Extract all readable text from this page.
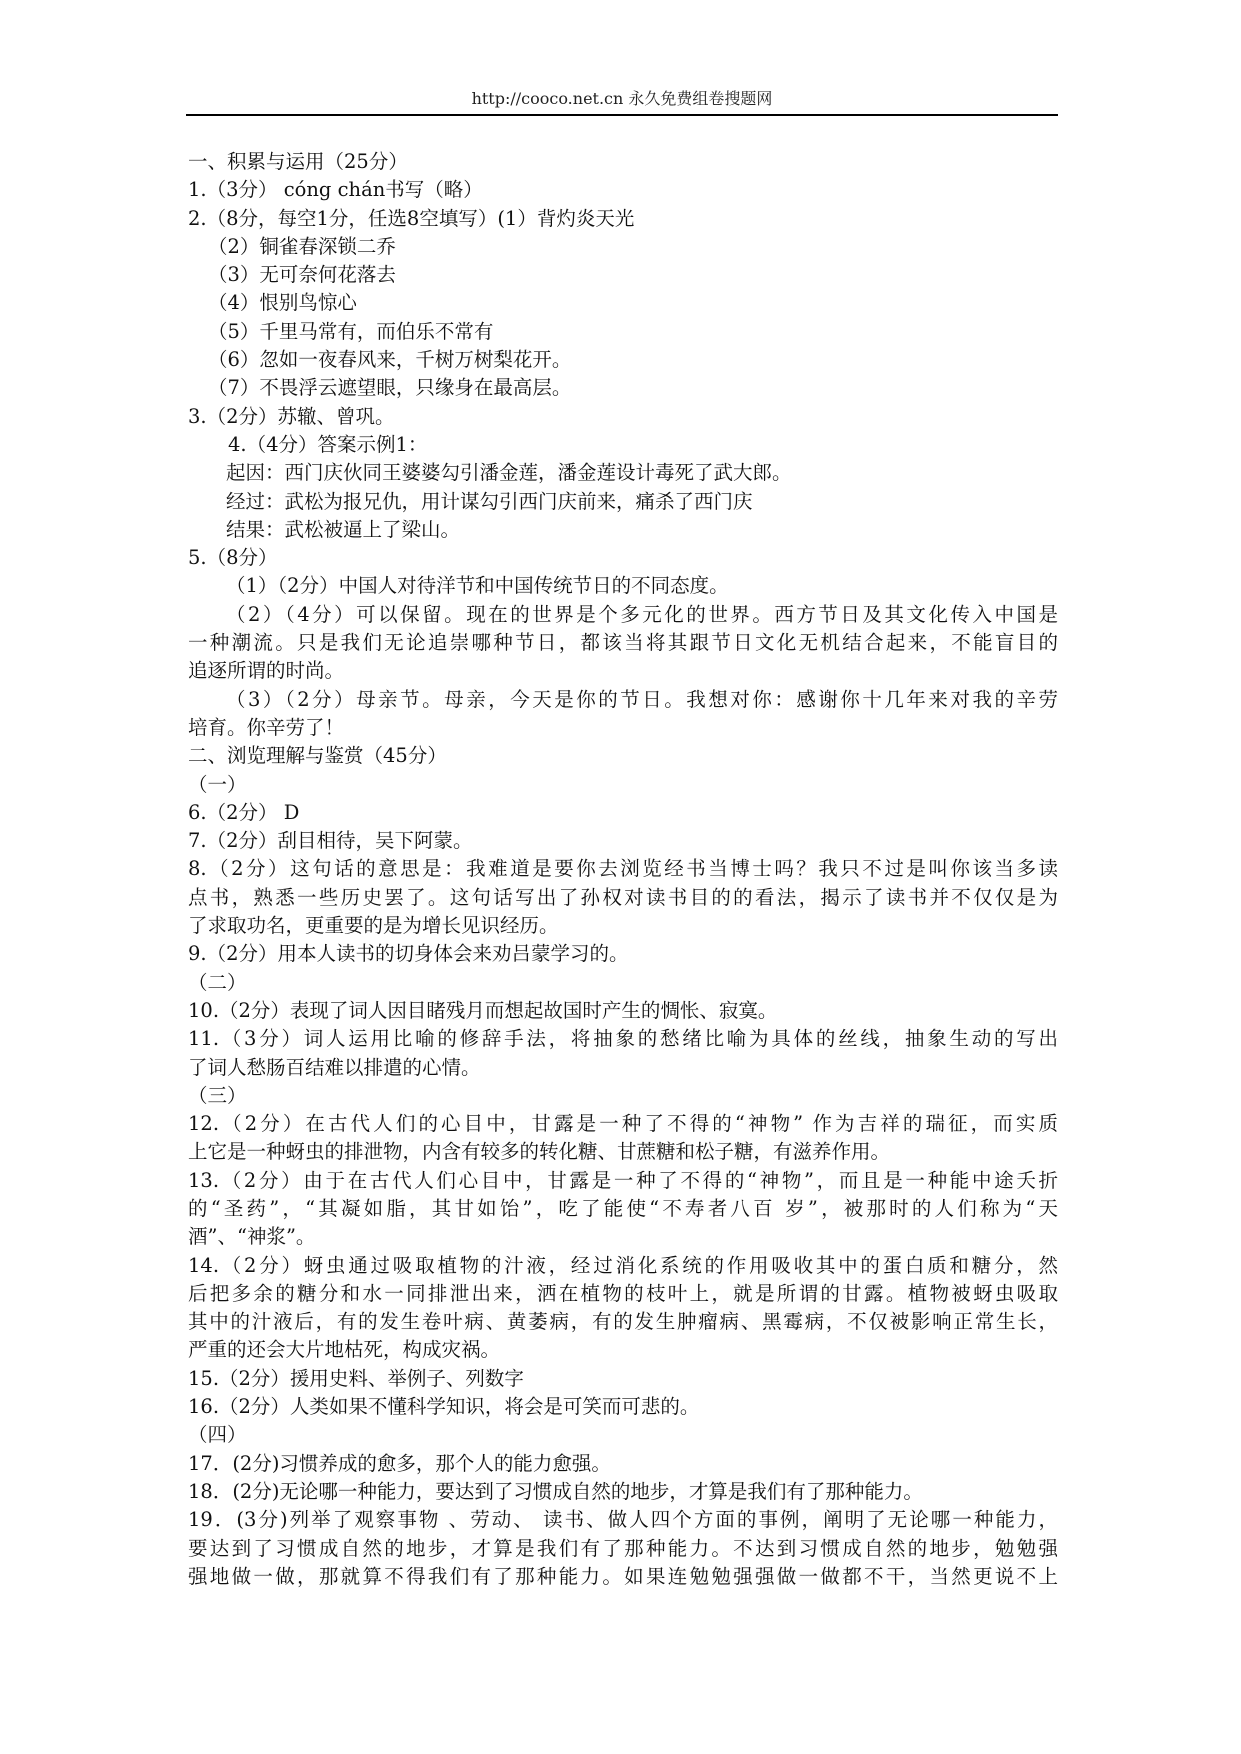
http://cooco.net.cn 永久免费组卷搜题网
一、积累与运用（25分）
1.（3分） cóng chán书写（略）
2.（8分，每空1分，任选8空填写）(1）背灼炎天光
（2）铜雀春深锁二乔
（3）无可奈何花落去
（4）恨别鸟惊心
（5）千里马常有，而伯乐不常有
（6）忽如一夜春风来，千树万树梨花开。
（7）不畏浮云遮望眼，只缘身在最高层。
3.（2分）苏辙、曾巩。
4.（4分）答案示例1：
起因：西门庆伙同王婆婆勾引潘金莲，潘金莲设计毒死了武大郎。
经过：武松为报兄仇，用计谋勾引西门庆前来，痛杀了西门庆
结果：武松被逼上了梁山。
5.（8分）
（1）（2分）中国人对待洋节和中国传统节日的不同态度。
（2）（4分）可以保留。现在的世界是个多元化的世界。西方节日及其文化传入中国是
一种潮流。只是我们无论追崇哪种节日，都该当将其跟节日文化无机结合起来，不能盲目的
追逐所谓的时尚。
（3）（2分）母亲节。母亲，今天是你的节日。我想对你：感谢你十几年来对我的辛劳
培育。你辛劳了！
二、浏览理解与鉴赏（45分）
（一）
6.（2分） D
7.（2分）刮目相待，吴下阿蒙。
8.（2分）这句话的意思是：我难道是要你去浏览经书当博士吗？我只不过是叫你该当多读
点书，熟悉一些历史罢了。这句话写出了孙权对读书目的的看法，揭示了读书并不仅仅是为
了求取功名，更重要的是为增长见识经历。
9.（2分）用本人读书的切身体会来劝吕蒙学习的。
（二）
10.（2分）表现了词人因目睹残月而想起故国时产生的惆怅、寂寞。
11.（3分）词人运用比喻的修辞手法，将抽象的愁绪比喻为具体的丝线，抽象生动的写出
了词人愁肠百结难以排遣的心情。
（三）
12.（2分）在古代人们的心目中，甘露是一种了不得的“神物” 作为吉祥的瑞征，而实质
上它是一种蚜虫的排泄物，内含有较多的转化糖、甘蔗糖和松子糖，有滋养作用。
13.（2分）由于在古代人们心目中，甘露是一种了不得的“神物”，而且是一种能中途夭折
的“圣药”，“其凝如脂，其甘如饴”，吃了能使“不寿者八百 岁”，被那时的人们称为“天
酒”、“神浆”。
14.（2分）蚜虫通过吸取植物的汁液，经过消化系统的作用吸收其中的蛋白质和糖分，然
后把多余的糖分和水一同排泄出来，洒在植物的枝叶上，就是所谓的甘露。植物被蚜虫吸取
其中的汁液后，有的发生卷叶病、黄萎病，有的发生肿瘤病、黑霉病，不仅被影响正常生长，
严重的还会大片地枯死，构成灾祸。
15.（2分）援用史料、举例子、列数字
16.（2分）人类如果不懂科学知识，将会是可笑而可悲的。
（四）
17．(2分)习惯养成的愈多，那个人的能力愈强。
18．(2分)无论哪一种能力，要达到了习惯成自然的地步，才算是我们有了那种能力。
19．(3分)列举了观察事物 、劳动、 读书、做人四个方面的事例，阐明了无论哪一种能力，
要达到了习惯成自然的地步，才算是我们有了那种能力。不达到习惯成自然的地步，勉勉强
强地做一做，那就算不得我们有了那种能力。如果连勉勉强强做一做都不干，当然更说不上
